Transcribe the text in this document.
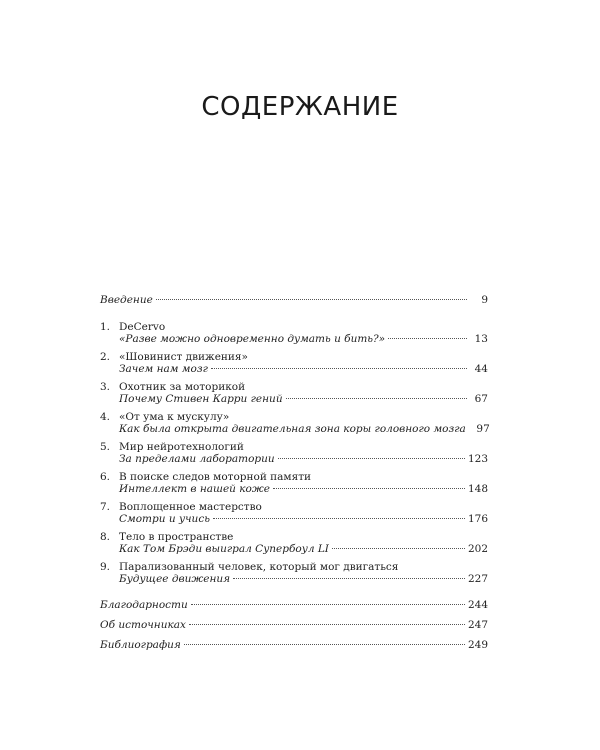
СОДЕРЖАНИЕ
Введение	9
1. DeCervo
«Разве можно одновременно думать и бить?»	13
2. «Шовинист движения»
Зачем нам мозг	44
3. Охотник за моторикой
Почему Стивен Карри гений	67
4. «От ума к мускулу»
Как была открыта двигательная зона коры головного мозга	97
5. Мир нейротехнологий
За пределами лаборатории	123
6. В поиске следов моторной памяти
Интеллект в нашей коже	148
7. Воплощенное мастерство
Смотри и учись	176
8. Тело в пространстве
Как Том Брэди выиграл Супербоул LI	202
9. Парализованный человек, который мог двигаться
Будущее движения	227
Благодарности	244
Об источниках	247
Библиография	249
